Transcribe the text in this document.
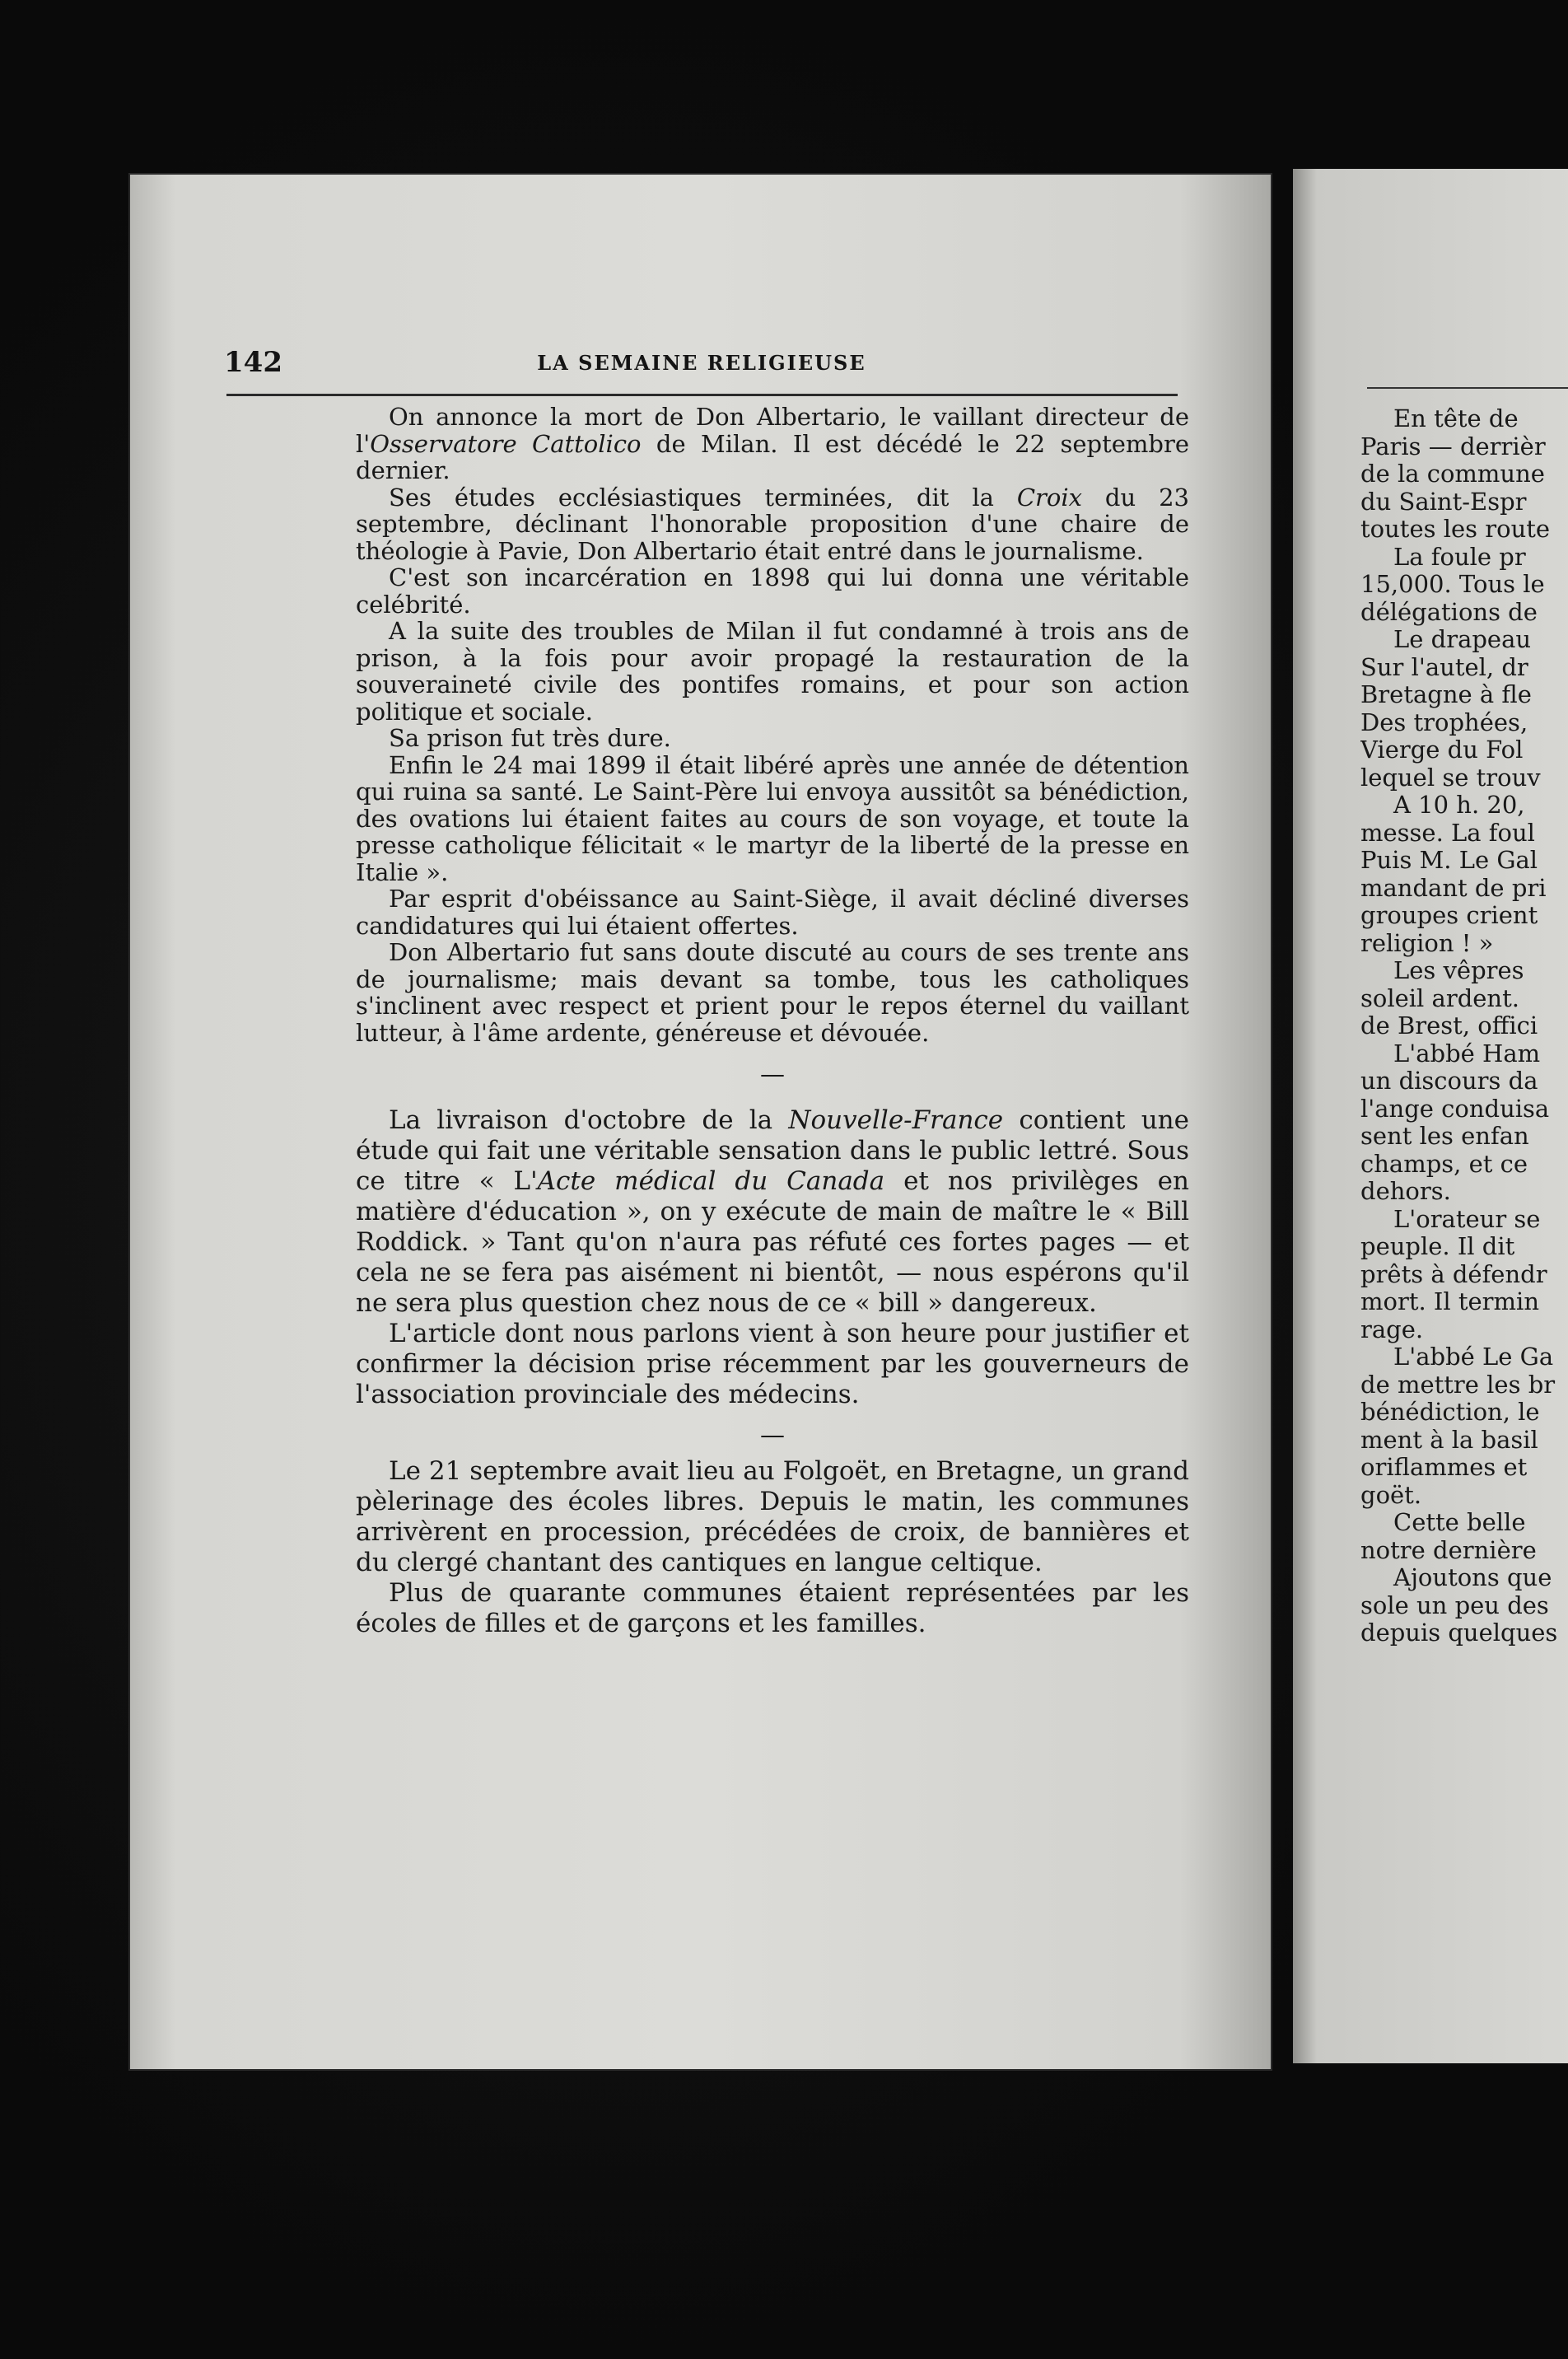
142	LA SEMAINE RELIGIEUSE

On annonce la mort de Don Albertario, le vaillant directeur de l'Osservatore Cattolico de Milan. Il est décédé le 22 septembre dernier.

Ses études ecclésiastiques terminées, dit la Croix du 23 septembre, déclinant l'honorable proposition d'une chaire de théologie à Pavie, Don Albertario était entré dans le journalisme.

C'est son incarcération en 1898 qui lui donna une véritable celébrité.

A la suite des troubles de Milan il fut condamné à trois ans de prison, à la fois pour avoir propagé la restauration de la souveraineté civile des pontifes romains, et pour son action politique et sociale.

Sa prison fut très dure.

Enfin le 24 mai 1899 il était libéré après une année de détention qui ruina sa santé. Le Saint-Père lui envoya aussitôt sa bénédiction, des ovations lui étaient faites au cours de son voyage, et toute la presse catholique félicitait « le martyr de la liberté de la presse en Italie ».

Par esprit d'obéissance au Saint-Siège, il avait décliné diverses candidatures qui lui étaient offertes.

Don Albertario fut sans doute discuté au cours de ses trente ans de journalisme; mais devant sa tombe, tous les catholiques s'inclinent avec respect et prient pour le repos éternel du vaillant lutteur, à l'âme ardente, généreuse et dévouée.

—

La livraison d'octobre de la Nouvelle-France contient une étude qui fait une véritable sensation dans le public lettré. Sous ce titre « L'Acte médical du Canada et nos privilèges en matière d'éducation », on y exécute de main de maître le « Bill Roddick. » Tant qu'on n'aura pas réfuté ces fortes pages — et cela ne se fera pas aisément ni bientôt, — nous espérons qu'il ne sera plus question chez nous de ce « bill » dangereux.

L'article dont nous parlons vient à son heure pour justifier et confirmer la décision prise récemment par les gouverneurs de l'association provinciale des médecins.

—

Le 21 septembre avait lieu au Folgoët, en Bretagne, un grand pèlerinage des écoles libres. Depuis le matin, les communes arrivèrent en procession, précédées de croix, de bannières et du clergé chantant des cantiques en langue celtique.

Plus de quarante communes étaient représentées par les écoles de filles et de garçons et les familles.

En tête de
Paris — derrièr
de la commune
du Saint-Espr
toutes les route
La foule pr
15,000. Tous le
délégations de
Le drapeau
Sur l'autel, dr
Bretagne à fle
Des trophées,
Vierge du Fol
lequel se trouv
A 10 h. 20,
messe. La foul
Puis M. Le Gal
mandant de pri
groupes crient
religion ! »
Les vêpres
soleil ardent.
de Brest, offici
L'abbé Ham
un discours da
l'ange conduisa
sent les enfan
champs, et ce
dehors.
L'orateur se
peuple. Il dit
prêts à défendr
mort. Il termin
rage.
L'abbé Le Ga
de mettre les br
bénédiction, le
ment à la basil
oriflammes et
goët.
Cette belle
notre dernière
Ajoutons que
sole un peu des
depuis quelques
